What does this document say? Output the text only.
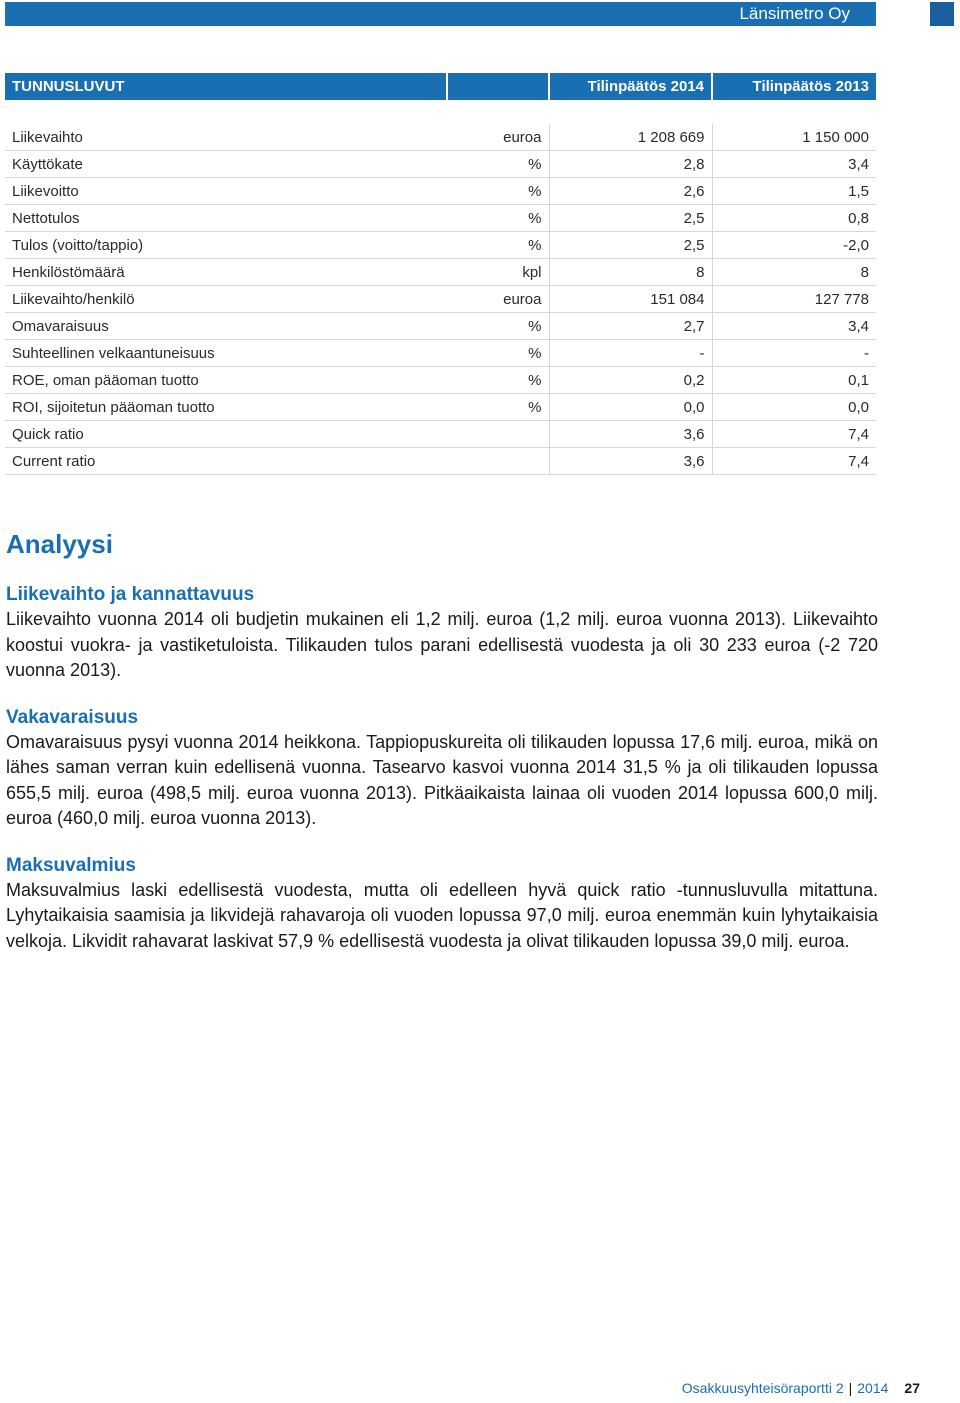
Länsimetro Oy
TUNNUSLUVUT		Tilinpäätös 2014	Tilinpäätös 2013
Liikevaihto	euroa	1 208 669	1 150 000
Käyttökate	%	2,8	3,4
Liikevoitto	%	2,6	1,5
Nettotulos	%	2,5	0,8
Tulos (voitto/tappio)	%	2,5	-2,0
Henkilöstömäärä	kpl	8	8
Liikevaihto/henkilö	euroa	151 084	127 778
Omavaraisuus	%	2,7	3,4
Suhteellinen velkaantuneisuus	%	-	-
ROE, oman pääoman tuotto	%	0,2	0,1
ROI, sijoitetun pääoman tuotto	%	0,0	0,0
Quick ratio		3,6	7,4
Current ratio		3,6	7,4
Analyysi
Liikevaihto ja kannattavuus

Liikevaihto vuonna 2014 oli budjetin mukainen eli 1,2 milj. euroa (1,2 milj. euroa vuonna 2013). Liikevaihto koostui vuokra- ja vastiketuloista. Tilikauden tulos parani edellisestä vuodesta ja oli 30 233 euroa (-2 720 vuonna 2013).

Vakavaraisuus

Omavaraisuus pysyi vuonna 2014 heikkona. Tappiopuskureita oli tilikauden lopussa 17,6 milj. euroa, mikä on lähes saman verran kuin edellisenä vuonna. Tasearvo kasvoi vuonna 2014 31,5 % ja oli tilikauden lopussa 655,5 milj. euroa (498,5 milj. euroa vuonna 2013). Pitkäaikaista lainaa oli vuoden 2014 lopussa 600,0 milj. euroa (460,0 milj. euroa vuonna 2013).

Maksuvalmius

Maksuvalmius laski edellisestä vuodesta, mutta oli edelleen hyvä quick ratio -tunnusluvulla mitattuna. Lyhytaikaisia saamisia ja likvidejä rahavaroja oli vuoden lopussa 97,0 milj. euroa enemmän kuin lyhytaikaisia velkoja. Likvidit rahavarat laskivat 57,9 % edellisestä vuodesta ja olivat tilikauden lopussa 39,0 milj. euroa.

Osakkuusyhteisöraportti 2 | 2014 27
